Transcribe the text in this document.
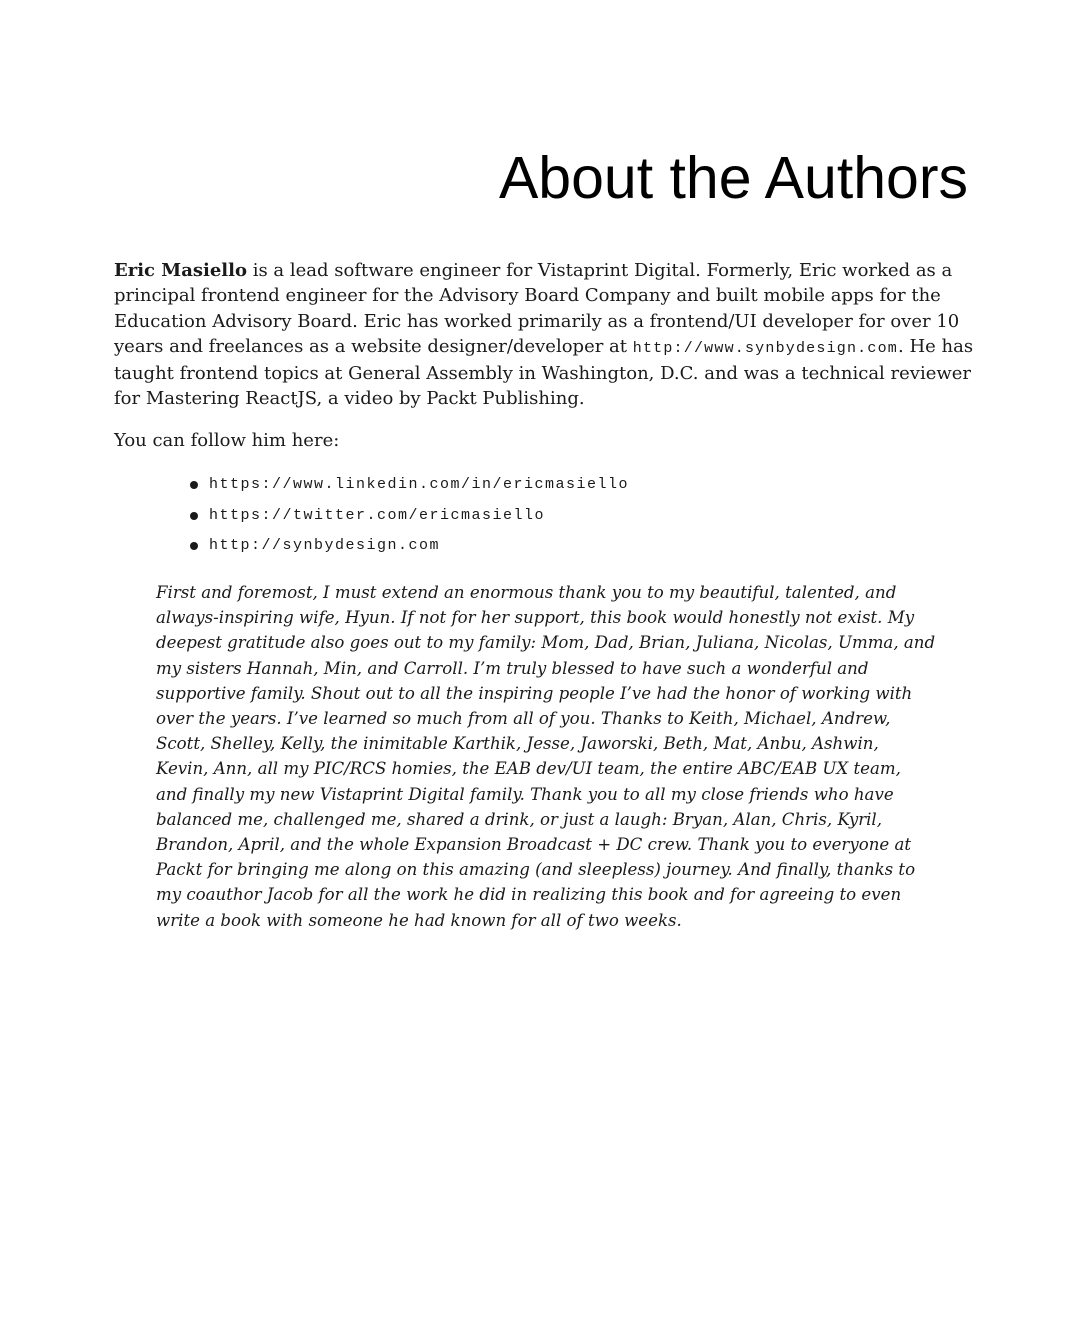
About the Authors

Eric Masiello is a lead software engineer for Vistaprint Digital. Formerly, Eric worked as a principal frontend engineer for the Advisory Board Company and built mobile apps for the Education Advisory Board. Eric has worked primarily as a frontend/UI developer for over 10 years and freelances as a website designer/developer at http://www.synbydesign.com. He has taught frontend topics at General Assembly in Washington, D.C. and was a technical reviewer for Mastering ReactJS, a video by Packt Publishing.

You can follow him here:

https://www.linkedin.com/in/ericmasiello
https://twitter.com/ericmasiello
http://synbydesign.com

First and foremost, I must extend an enormous thank you to my beautiful, talented, and always-inspiring wife, Hyun. If not for her support, this book would honestly not exist. My deepest gratitude also goes out to my family: Mom, Dad, Brian, Juliana, Nicolas, Umma, and my sisters Hannah, Min, and Carroll. I’m truly blessed to have such a wonderful and supportive family. Shout out to all the inspiring people I’ve had the honor of working with over the years. I’ve learned so much from all of you. Thanks to Keith, Michael, Andrew, Scott, Shelley, Kelly, the inimitable Karthik, Jesse, Jaworski, Beth, Mat, Anbu, Ashwin, Kevin, Ann, all my PIC/RCS homies, the EAB dev/UI team, the entire ABC/EAB UX team, and finally my new Vistaprint Digital family. Thank you to all my close friends who have balanced me, challenged me, shared a drink, or just a laugh: Bryan, Alan, Chris, Kyril, Brandon, April, and the whole Expansion Broadcast + DC crew. Thank you to everyone at Packt for bringing me along on this amazing (and sleepless) journey. And finally, thanks to my coauthor Jacob for all the work he did in realizing this book and for agreeing to even write a book with someone he had known for all of two weeks.
